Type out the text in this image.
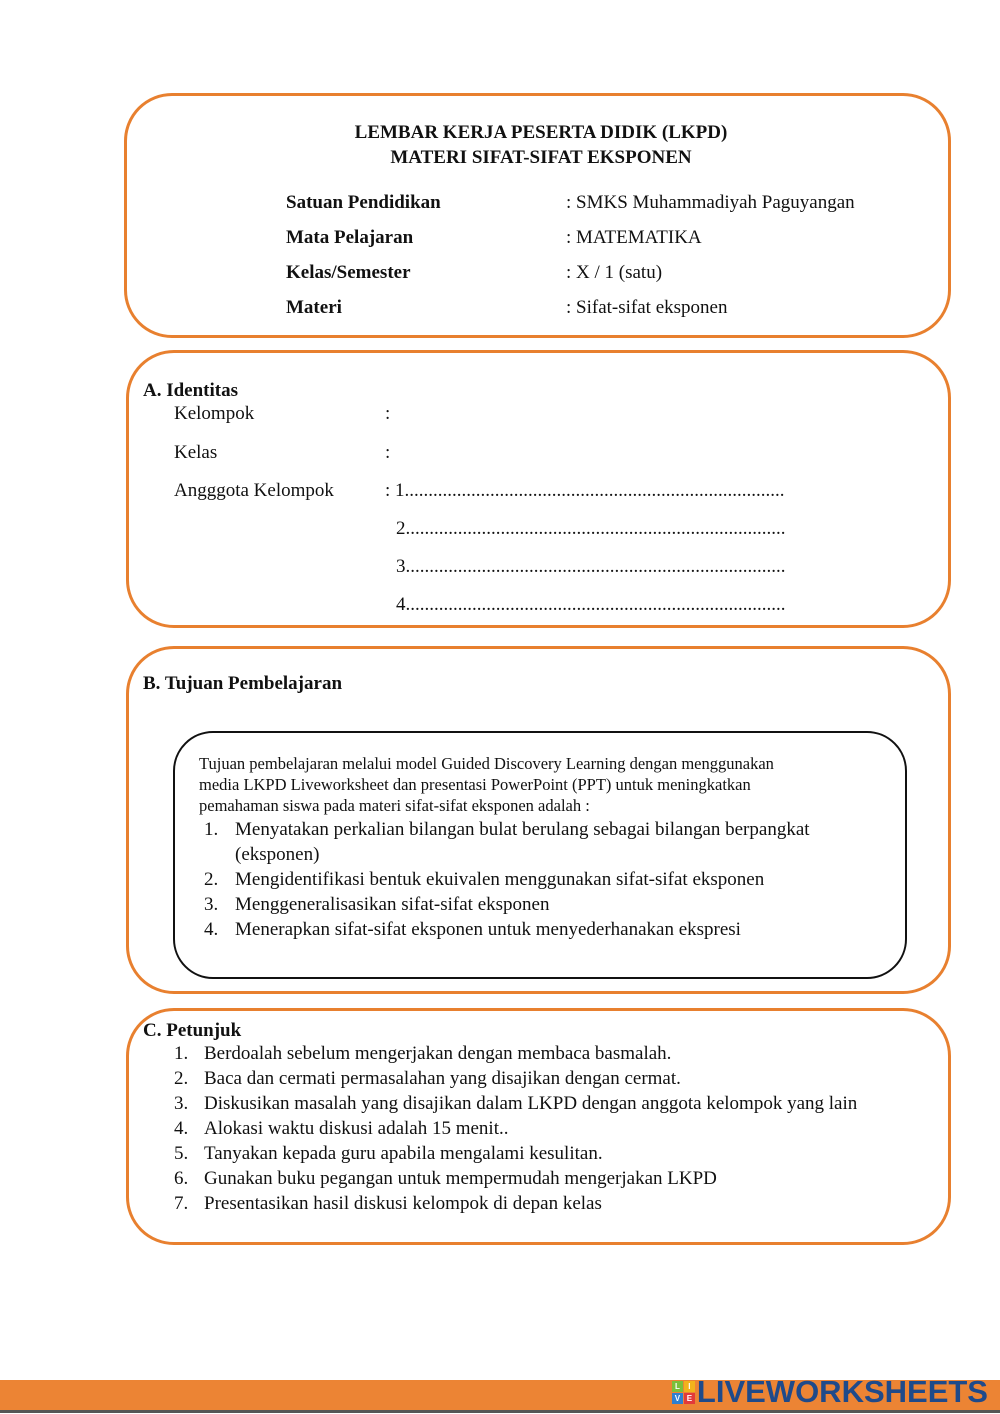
LEMBAR KERJA PESERTA DIDIK (LKPD)
MATERI SIFAT-SIFAT EKSPONEN
Satuan Pendidikan	: SMKS Muhammadiyah Paguyangan
Mata Pelajaran	: MATEMATIKA
Kelas/Semester	: X / 1 (satu)
Materi	: Sifat-sifat eksponen
A. Identitas
Kelompok	:
Kelas	:
Angggota Kelompok	: 1................................................................................
2................................................................................
3................................................................................
4................................................................................
B. Tujuan Pembelajaran
Tujuan pembelajaran melalui model Guided Discovery Learning dengan menggunakan
media LKPD Liveworksheet dan presentasi PowerPoint (PPT) untuk meningkatkan
pemahaman siswa pada materi sifat-sifat eksponen adalah :
1. Menyatakan perkalian bilangan bulat berulang sebagai bilangan berpangkat
(eksponen)
2. Mengidentifikasi bentuk ekuivalen menggunakan sifat-sifat eksponen
3. Menggeneralisasikan sifat-sifat eksponen
4. Menerapkan sifat-sifat eksponen untuk menyederhanakan ekspresi
C. Petunjuk
1. Berdoalah sebelum mengerjakan dengan membaca basmalah.
2. Baca dan cermati permasalahan yang disajikan dengan cermat.
3. Diskusikan masalah yang disajikan dalam LKPD dengan anggota kelompok yang lain
4. Alokasi waktu diskusi adalah 15 menit..
5. Tanyakan kepada guru apabila mengalami kesulitan.
6. Gunakan buku pegangan untuk mempermudah mengerjakan LKPD
7. Presentasikan hasil diskusi kelompok di depan kelas
L	I
V E LIVEWORKSHEETS
